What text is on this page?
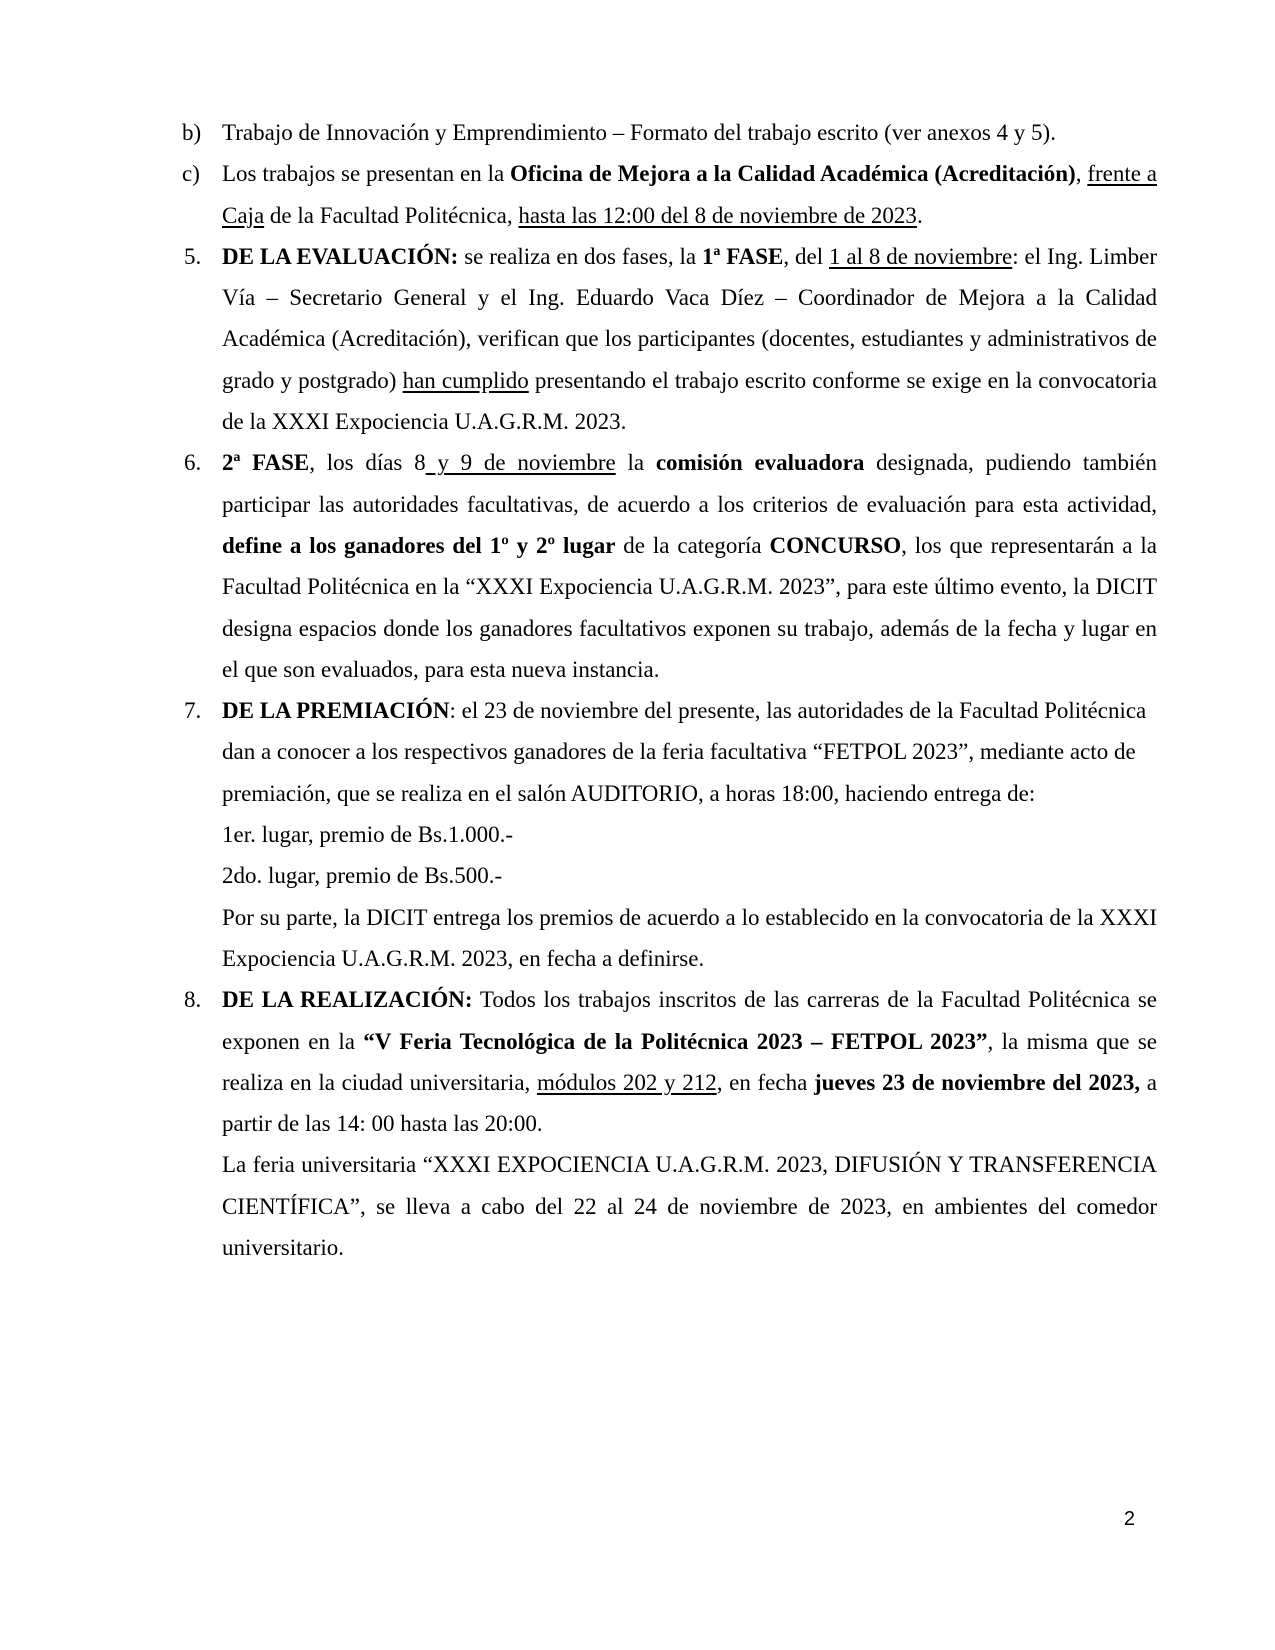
b) Trabajo de Innovación y Emprendimiento – Formato del trabajo escrito (ver anexos 4 y 5).
c) Los trabajos se presentan en la Oficina de Mejora a la Calidad Académica (Acreditación), frente a Caja de la Facultad Politécnica, hasta las 12:00 del 8 de noviembre de 2023.
5. DE LA EVALUACIÓN: se realiza en dos fases, la 1ª FASE, del 1 al 8 de noviembre: el Ing. Limber Vía – Secretario General y el Ing. Eduardo Vaca Díez – Coordinador de Mejora a la Calidad Académica (Acreditación), verifican que los participantes (docentes, estudiantes y administrativos de grado y postgrado) han cumplido presentando el trabajo escrito conforme se exige en la convocatoria de la XXXI Expociencia U.A.G.R.M. 2023.
6. 2ª FASE, los días 8 y 9 de noviembre la comisión evaluadora designada, pudiendo también participar las autoridades facultativas, de acuerdo a los criterios de evaluación para esta actividad, define a los ganadores del 1º y 2º lugar de la categoría CONCURSO, los que representarán a la Facultad Politécnica en la “XXXI Expociencia U.A.G.R.M. 2023”, para este último evento, la DICIT designa espacios donde los ganadores facultativos exponen su trabajo, además de la fecha y lugar en el que son evaluados, para esta nueva instancia.
7. DE LA PREMIACIÓN: el 23 de noviembre del presente, las autoridades de la Facultad Politécnica dan a conocer a los respectivos ganadores de la feria facultativa “FETPOL 2023”, mediante acto de premiación, que se realiza en el salón AUDITORIO, a horas 18:00, haciendo entrega de:
1er. lugar, premio de Bs.1.000.-
2do. lugar, premio de Bs.500.-
Por su parte, la DICIT entrega los premios de acuerdo a lo establecido en la convocatoria de la XXXI Expociencia U.A.G.R.M. 2023, en fecha a definirse.
8. DE LA REALIZACIÓN: Todos los trabajos inscritos de las carreras de la Facultad Politécnica se exponen en la “V Feria Tecnológica de la Politécnica 2023 – FETPOL 2023”, la misma que se realiza en la ciudad universitaria, módulos 202 y 212, en fecha jueves 23 de noviembre del 2023, a partir de las 14: 00 hasta las 20:00.
La feria universitaria “XXXI EXPOCIENCIA U.A.G.R.M. 2023, DIFUSIÓN Y TRANSFERENCIA CIENTÍFICA”, se lleva a cabo del 22 al 24 de noviembre de 2023, en ambientes del comedor universitario.
2
